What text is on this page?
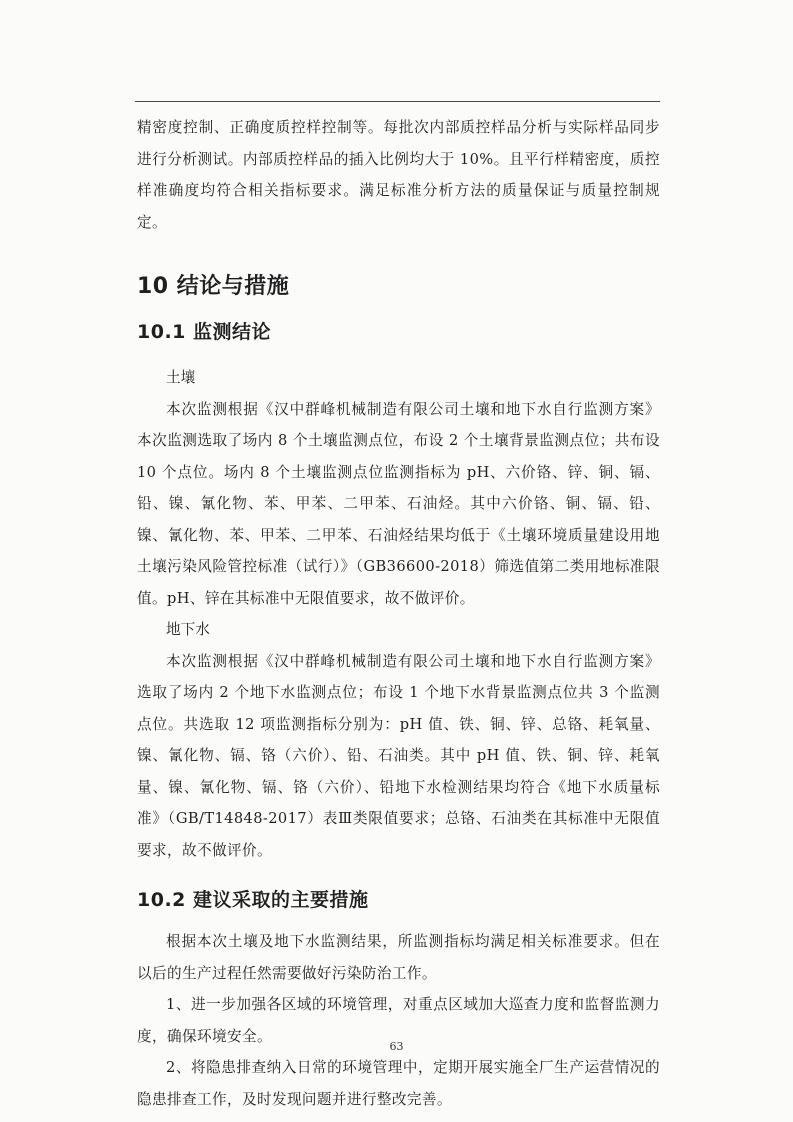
精密度控制、正确度质控样控制等。每批次内部质控样品分析与实际样品同步进行分析测试。内部质控样品的插入比例均大于 10%。且平行样精密度，质控样准确度均符合相关指标要求。满足标准分析方法的质量保证与质量控制规定。

10 结论与措施
10.1 监测结论
土壤

本次监测根据《汉中群峰机械制造有限公司土壤和地下水自行监测方案》本次监测选取了场内 8 个土壤监测点位，布设 2 个土壤背景监测点位；共布设 10 个点位。场内 8 个土壤监测点位监测指标为 pH、六价铬、锌、铜、镉、铅、镍、氰化物、苯、甲苯、二甲苯、石油烃。其中六价铬、铜、镉、铅、镍、氰化物、苯、甲苯、二甲苯、石油烃结果均低于《土壤环境质量建设用地土壤污染风险管控标准（试行）》（GB36600-2018）筛选值第二类用地标准限值。pH、锌在其标准中无限值要求，故不做评价。

地下水

本次监测根据《汉中群峰机械制造有限公司土壤和地下水自行监测方案》选取了场内 2 个地下水监测点位；布设 1 个地下水背景监测点位共 3 个监测点位。共选取 12 项监测指标分别为：pH 值、铁、铜、锌、总铬、耗氧量、镍、氰化物、镉、铬（六价）、铅、石油类。其中 pH 值、铁、铜、锌、耗氧量、镍、氰化物、镉、铬（六价）、铅地下水检测结果均符合《地下水质量标准》（GB/T14848-2017）表Ⅲ类限值要求；总铬、石油类在其标准中无限值要求，故不做评价。

10.2 建议采取的主要措施

根据本次土壤及地下水监测结果，所监测指标均满足相关标准要求。但在以后的生产过程任然需要做好污染防治工作。

1、进一步加强各区域的环境管理，对重点区域加大巡查力度和监督监测力度，确保环境安全。

2、将隐患排查纳入日常的环境管理中，定期开展实施全厂生产运营情况的隐患排查工作，及时发现问题并进行整改完善。

63
